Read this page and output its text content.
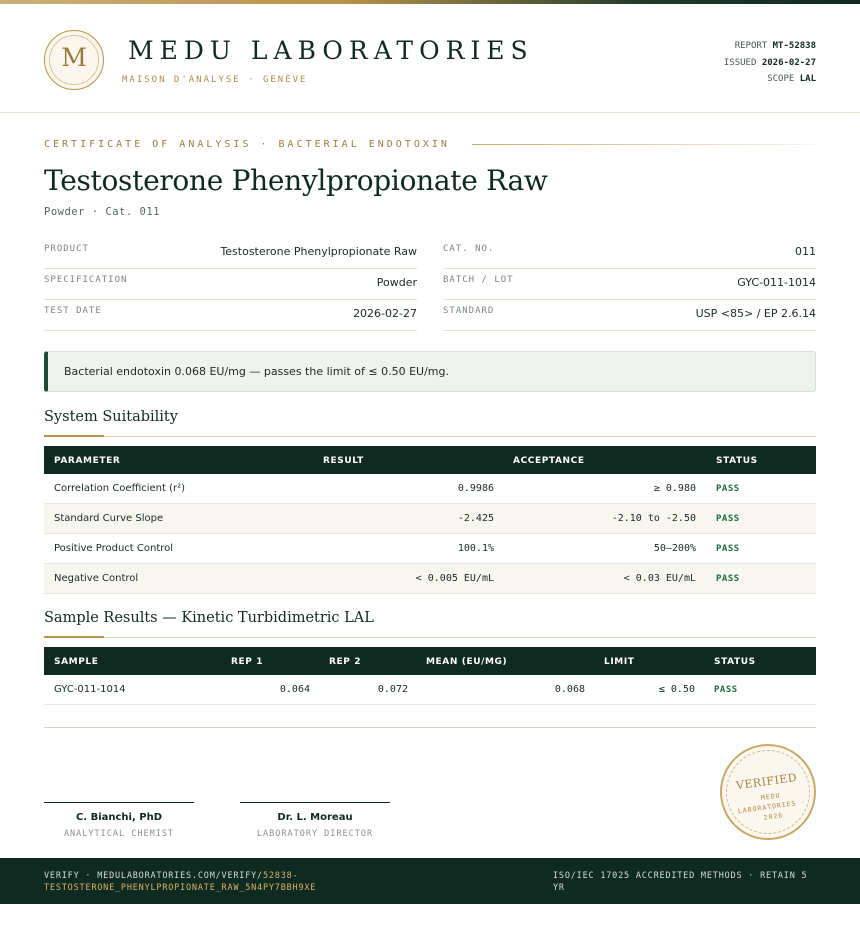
M	MEDU LABORATORIES
MAISON D'ANALYSE · GENÈVE
REPORT MT-52838
ISSUED 2026-02-27
SCOPE LAL
CERTIFICATE OF ANALYSIS · BACTERIAL ENDOTOXIN
Testosterone Phenylpropionate Raw
Powder · Cat. 011
PRODUCT	Testosterone Phenylpropionate Raw
SPECIFICATION	Powder
TEST DATE	2026-02-27
CAT. NO.	011
BATCH / LOT	GYC-011-1014
STANDARD	USP <85> / EP 2.6.14
Bacterial endotoxin 0.068 EU/mg — passes the limit of ≤ 0.50 EU/mg.
System Suitability
PARAMETER	RESULT	ACCEPTANCE	STATUS
Correlation Coefficient (r²)	0.9986	≥ 0.980 PASS
Standard Curve Slope	-2.425	-2.10 to -2.50 PASS
Positive Product Control	100.1%	50–200% PASS
Negative Control	< 0.005 EU/mL	< 0.03 EU/mL PASS
Sample Results — Kinetic Turbidimetric LAL
SAMPLE	REP 1	REP 2	MEAN (EU/MG)	LIMIT	STATUS
GYC-011-1014	0.064	0.072	0.068	≤ 0.50 PASS
C. Bianchi, PhD
ANALYTICAL CHEMIST
Dr. L. Moreau
LABORATORY DIRECTOR
VERIFIED
MEDU LABORATORIES · 2026
VERIFY · MEDULABORATORIES.COM/VERIFY/52838-TESTOSTERONE_PHENYLPROPIONATE_RAW_5N4PY7BBH9XE
ISO/IEC 17025 ACCREDITED METHODS · RETAIN 5 YR
